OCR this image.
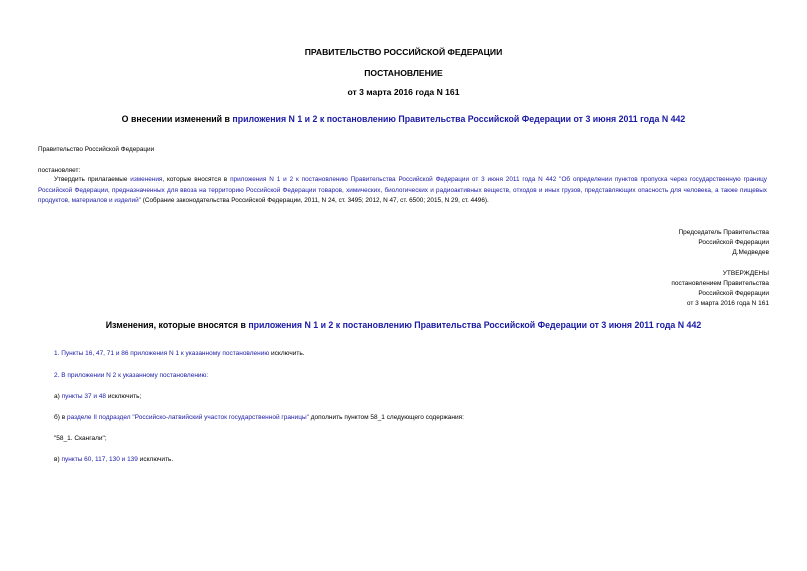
ПРАВИТЕЛЬСТВО РОССИЙСКОЙ ФЕДЕРАЦИИ
ПОСТАНОВЛЕНИЕ
от 3 марта 2016 года N 161
О внесении изменений в приложения N 1 и 2 к постановлению Правительства Российской Федерации от 3 июня 2011 года N 442
Правительство Российской Федерации
постановляет:
Утвердить прилагаемые изменения, которые вносятся в приложения N 1 и 2 к постановлению Правительства Российской Федерации от 3 июня 2011 года N 442 "Об определении пунктов пропуска через государственную границу Российской Федерации, предназначенных для ввоза на территорию Российской Федерации товаров, химических, биологических и радиоактивных веществ, отходов и иных грузов, представляющих опасность для человека, а также пищевых продуктов, материалов и изделий" (Собрание законодательства Российской Федерации, 2011, N 24, ст. 3495; 2012, N 47, ст. 6500; 2015, N 29, ст. 4496).
Председатель Правительства
Российской Федерации
Д.Медведев
УТВЕРЖДЕНЫ
постановлением Правительства
Российской Федерации
от 3 марта 2016 года N 161
Изменения, которые вносятся в приложения N 1 и 2 к постановлению Правительства Российской Федерации от 3 июня 2011 года N 442
1. Пункты 16, 47, 71 и 86 приложения N 1 к указанному постановлению исключить.
2. В приложении N 2 к указанному постановлению:
а) пункты 37 и 48 исключить;
б) в разделе II подраздел "Российско-латвийский участок государственной границы" дополнить пунктом 58_1 следующего содержания:
"58_1. Скангали";
в) пункты 60, 117, 130 и 139 исключить.
